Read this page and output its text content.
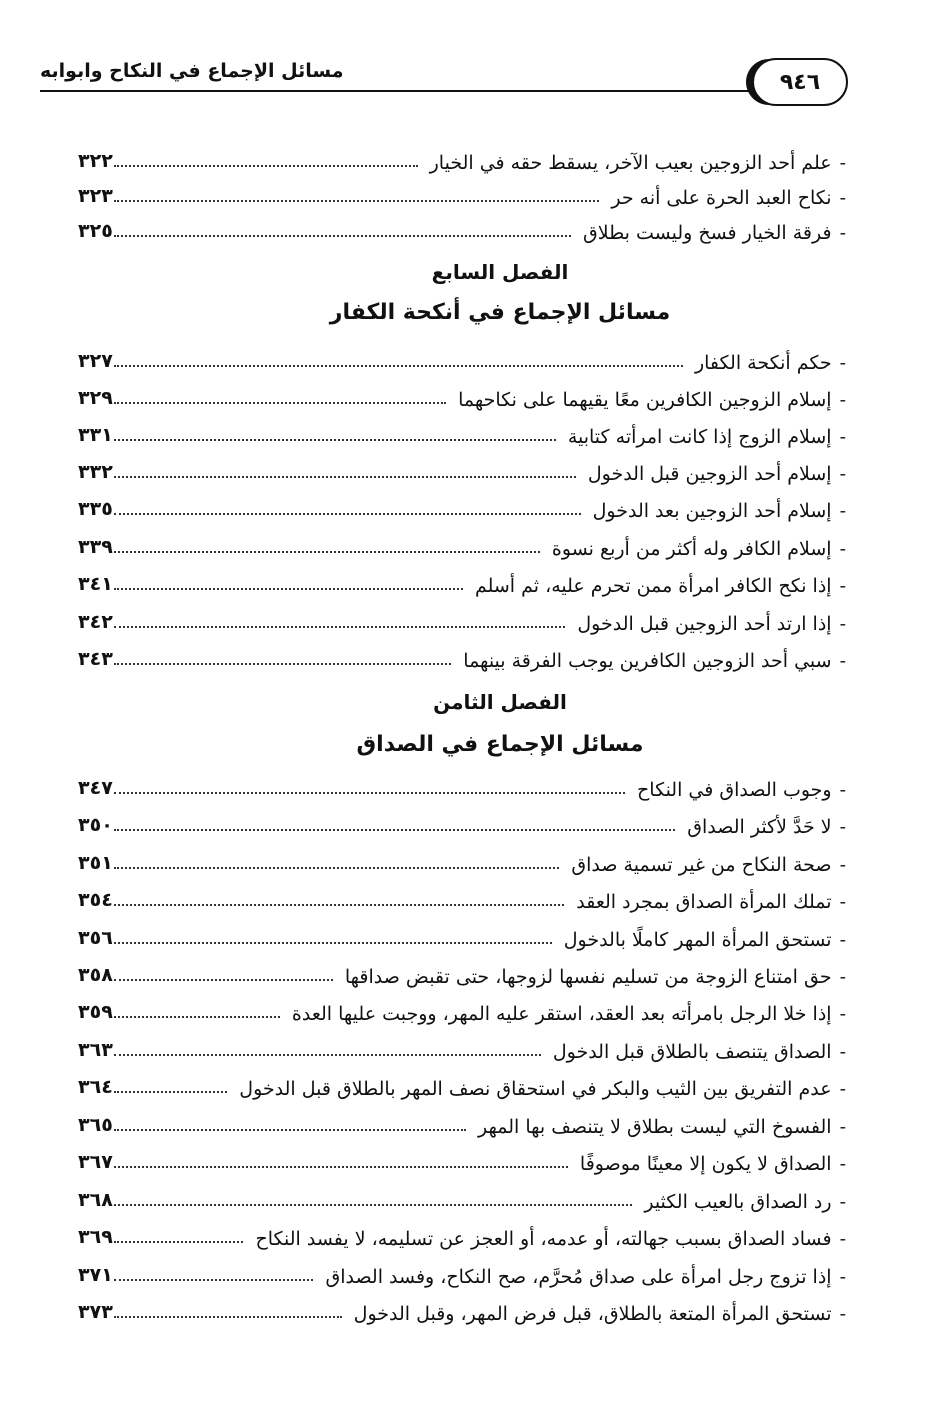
مسائل الإجماع في النكاح وابوابه	٩٤٦
-
علم أحد الزوجين بعيب الآخر، يسقط حقه في الخيار
٣٢٢
-
نكاح العبد الحرة على أنه حر
٣٢٣
-
فرقة الخيار فسخ وليست بطلاق
٣٢٥
الفصل السابع
مسائل الإجماع في أنكحة الكفار
-
حكم أنكحة الكفار
٣٢٧
-
إسلام الزوجين الكافرين معًا يقيهما على نكاحهما
٣٢٩
-
إسلام الزوج إذا كانت امرأته كتابية
٣٣١
-
إسلام أحد الزوجين قبل الدخول
٣٣٢
-
إسلام أحد الزوجين بعد الدخول
٣٣٥
-
إسلام الكافر وله أكثر من أربع نسوة
٣٣٩
-
إذا نكح الكافر امرأة ممن تحرم عليه، ثم أسلم
٣٤١
-
إذا ارتد أحد الزوجين قبل الدخول
٣٤٢
-
سبي أحد الزوجين الكافرين يوجب الفرقة بينهما
٣٤٣
الفصل الثامن
مسائل الإجماع في الصداق
-
وجوب الصداق في النكاح
٣٤٧
-
لا حَدَّ لأكثر الصداق
٣٥٠
-
صحة النكاح من غير تسمية صداق
٣٥١
-
تملك المرأة الصداق بمجرد العقد
٣٥٤
-
تستحق المرأة المهر كاملًا بالدخول
٣٥٦
-
حق امتناع الزوجة من تسليم نفسها لزوجها، حتى تقبض صداقها
٣٥٨
-
إذا خلا الرجل بامرأته بعد العقد، استقر عليه المهر، ووجبت عليها العدة
٣٥٩
-
الصداق يتنصف بالطلاق قبل الدخول
٣٦٣
-
عدم التفريق بين الثيب والبكر في استحقاق نصف المهر بالطلاق قبل الدخول
٣٦٤
-
الفسوخ التي ليست بطلاق لا يتنصف بها المهر
٣٦٥
-
الصداق لا يكون إلا معينًا موصوفًا
٣٦٧
-
رد الصداق بالعيب الكثير
٣٦٨
-
فساد الصداق بسبب جهالته، أو عدمه، أو العجز عن تسليمه، لا يفسد النكاح
٣٦٩
-
إذا تزوج رجل امرأة على صداق مُحرَّم، صح النكاح، وفسد الصداق
٣٧١
-
تستحق المرأة المتعة بالطلاق، قبل فرض المهر، وقبل الدخول
٣٧٣
